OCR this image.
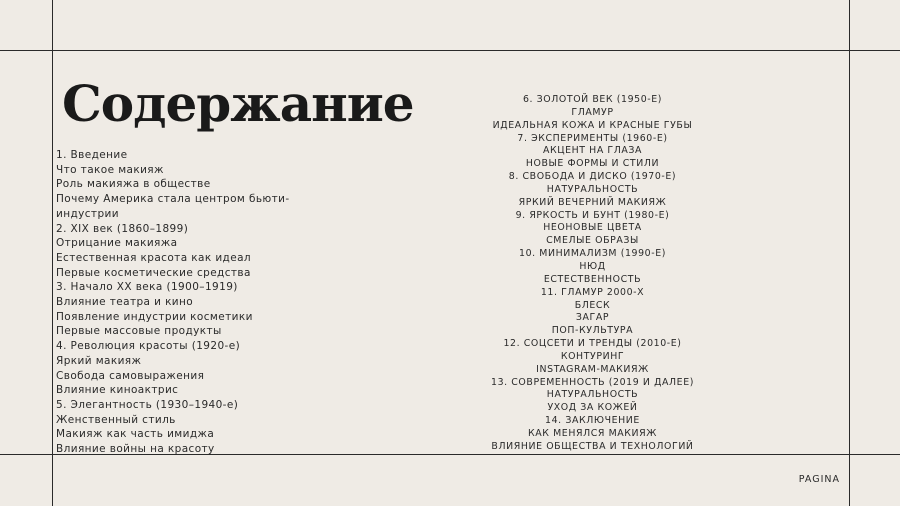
Содержание
1. Введение
Что такое макияж
Роль макияжа в обществе
Почему Америка стала центром бьюти-индустрии
2. XIX век (1860–1899)
Отрицание макияжа
Естественная красота как идеал
Первые косметические средства
3. Начало XX века (1900–1919)
Влияние театра и кино
Появление индустрии косметики
Первые массовые продукты
4. Революция красоты (1920-е)
Яркий макияж
Свобода самовыражения
Влияние киноактрис
5. Элегантность (1930–1940-е)
Женственный стиль
Макияж как часть имиджа
Влияние войны на красоту
6. ЗОЛОТОЙ ВЕК (1950-Е)
ГЛАМУР
ИДЕАЛЬНАЯ КОЖА И КРАСНЫЕ ГУБЫ
7. ЭКСПЕРИМЕНТЫ (1960-Е)
АКЦЕНТ НА ГЛАЗА
НОВЫЕ ФОРМЫ И СТИЛИ
8. СВОБОДА И ДИСКО (1970-Е)
НАТУРАЛЬНОСТЬ
ЯРКИЙ ВЕЧЕРНИЙ МАКИЯЖ
9. ЯРКОСТЬ И БУНТ (1980-Е)
НЕОНОВЫЕ ЦВЕТА
СМЕЛЫЕ ОБРАЗЫ
10. МИНИМАЛИЗМ (1990-Е)
НЮД
ЕСТЕСТВЕННОСТЬ
11. ГЛАМУР 2000-Х
БЛЕСК
ЗАГАР
ПОП-КУЛЬТУРА
12. СОЦСЕТИ И ТРЕНДЫ (2010-Е)
КОНТУРИНГ
INSTAGRAM-МАКИЯЖ
13. СОВРЕМЕННОСТЬ (2019 И ДАЛЕЕ)
НАТУРАЛЬНОСТЬ
УХОД ЗА КОЖЕЙ
14. ЗАКЛЮЧЕНИЕ
КАК МЕНЯЛСЯ МАКИЯЖ
ВЛИЯНИЕ ОБЩЕСТВА И ТЕХНОЛОГИЙ
PAGINA
